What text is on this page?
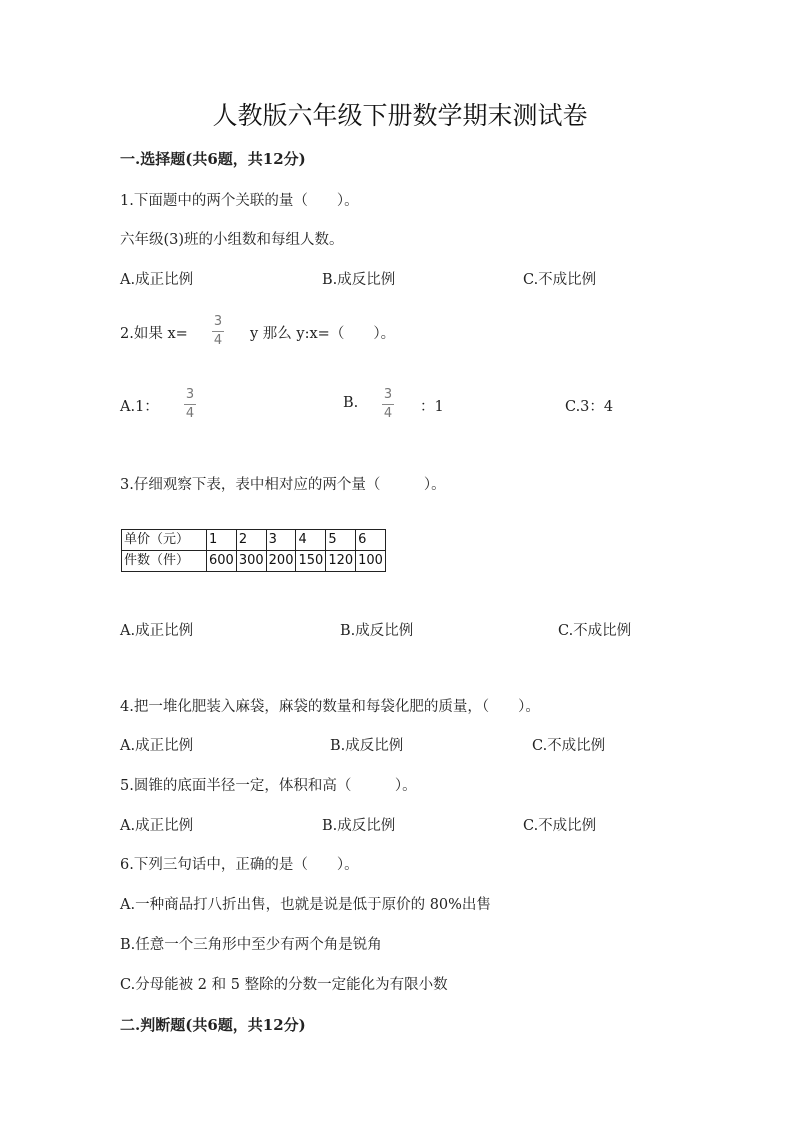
人教版六年级下册数学期末测试卷
一.选择题(共6题，共12分)
1.下面题中的两个关联的量（　　）。
六年级(3)班的小组数和每组人数。
A.成正比例	B.成反比例	C.不成比例
2.如果 x=
3
4 y 那么 y:x=（　　）。
A.1：
3
4
B.
3
4 ：1	C.3：4
3.仔细观察下表，表中相对应的两个量（　　　）。
单价（元）	1	2	3	4	5	6
件数（件）	600	300	200	150	120	100
A.成正比例	B.成反比例	C.不成比例
4.把一堆化肥装入麻袋，麻袋的数量和每袋化肥的质量，（　　）。
A.成正比例	B.成反比例	C.不成比例
5.圆锥的底面半径一定，体积和高（　　　）。
A.成正比例	B.成反比例	C.不成比例
6.下列三句话中，正确的是（　　）。
A.一种商品打八折出售，也就是说是低于原价的 80%出售
B.任意一个三角形中至少有两个角是锐角
C.分母能被 2 和 5 整除的分数一定能化为有限小数
二.判断题(共6题，共12分)
